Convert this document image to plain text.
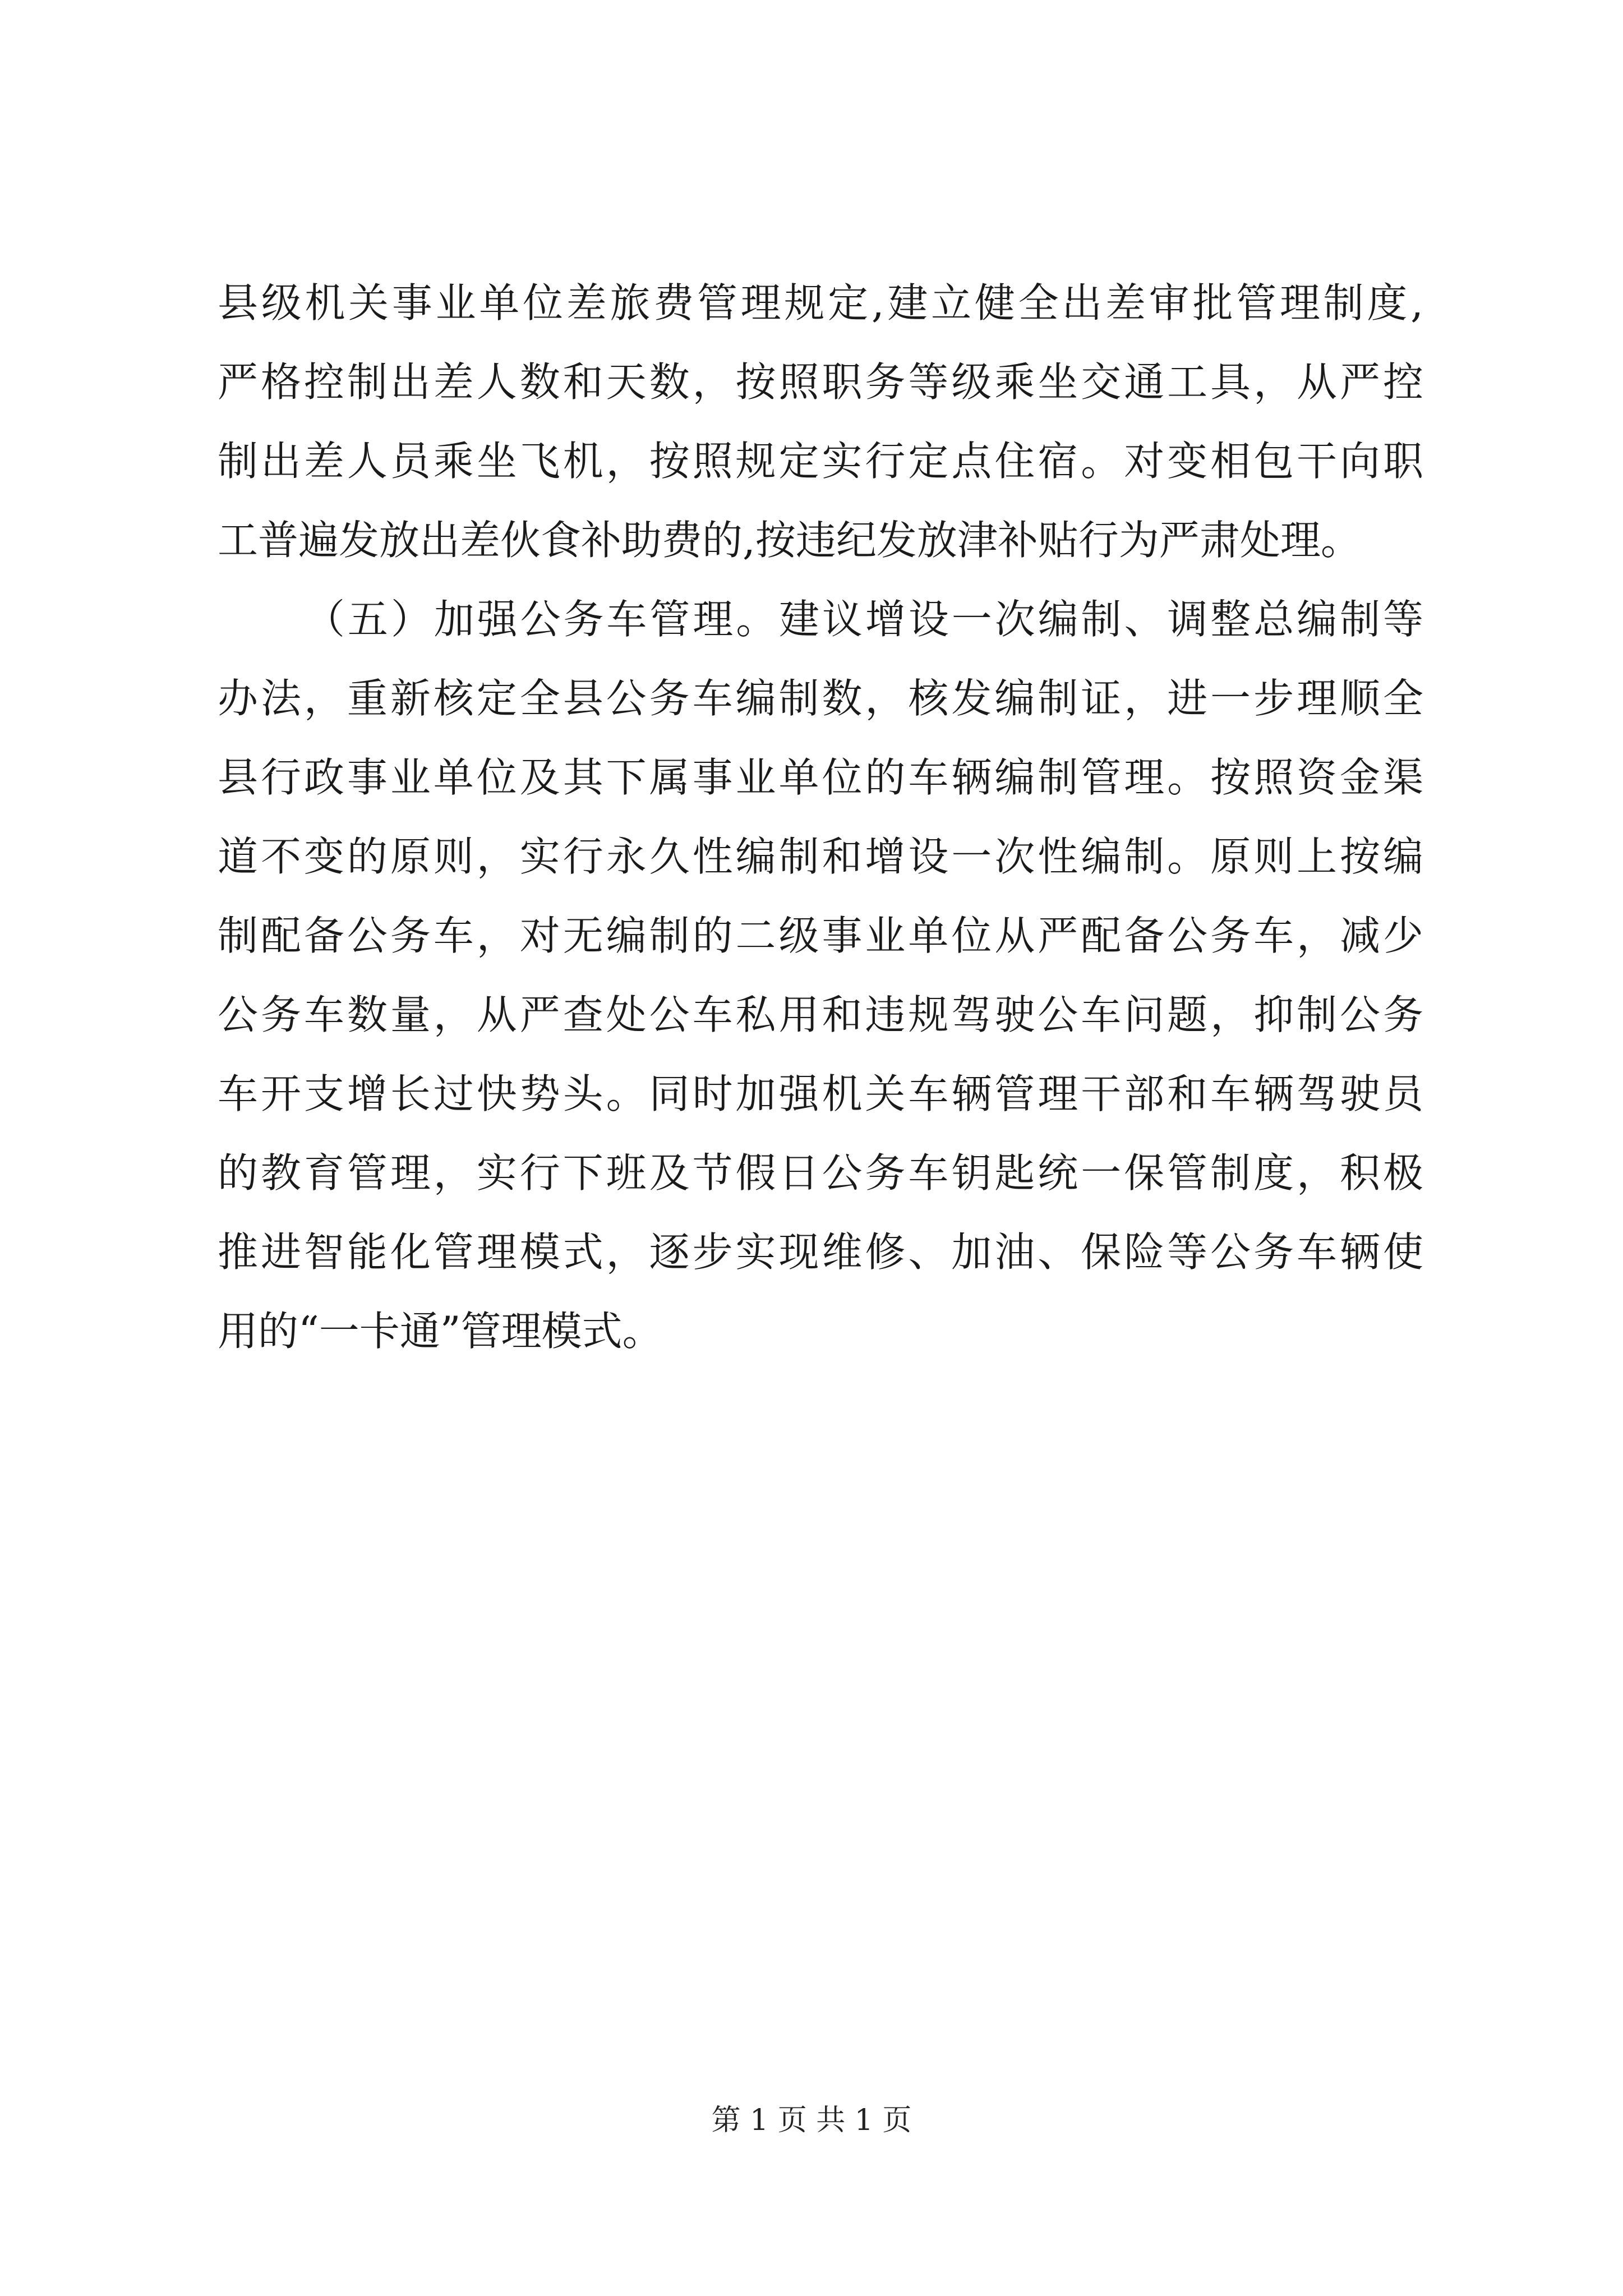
县级机关事业单位差旅费管理规定,建立健全出差审批管理制度,
严格控制出差人数和天数，按照职务等级乘坐交通工具，从严控
制出差人员乘坐飞机，按照规定实行定点住宿。对变相包干向职
工普遍发放出差伙食补助费的,按违纪发放津补贴行为严肃处理。
（五）加强公务车管理。建议增设一次编制、调整总编制等
办法，重新核定全县公务车编制数，核发编制证，进一步理顺全
县行政事业单位及其下属事业单位的车辆编制管理。按照资金渠
道不变的原则，实行永久性编制和增设一次性编制。原则上按编
制配备公务车，对无编制的二级事业单位从严配备公务车，减少
公务车数量，从严查处公车私用和违规驾驶公车问题，抑制公务
车开支增长过快势头。同时加强机关车辆管理干部和车辆驾驶员
的教育管理，实行下班及节假日公务车钥匙统一保管制度，积极
推进智能化管理模式，逐步实现维修、加油、保险等公务车辆使
用的“一卡通”管理模式。
第 1 页 共 1 页
